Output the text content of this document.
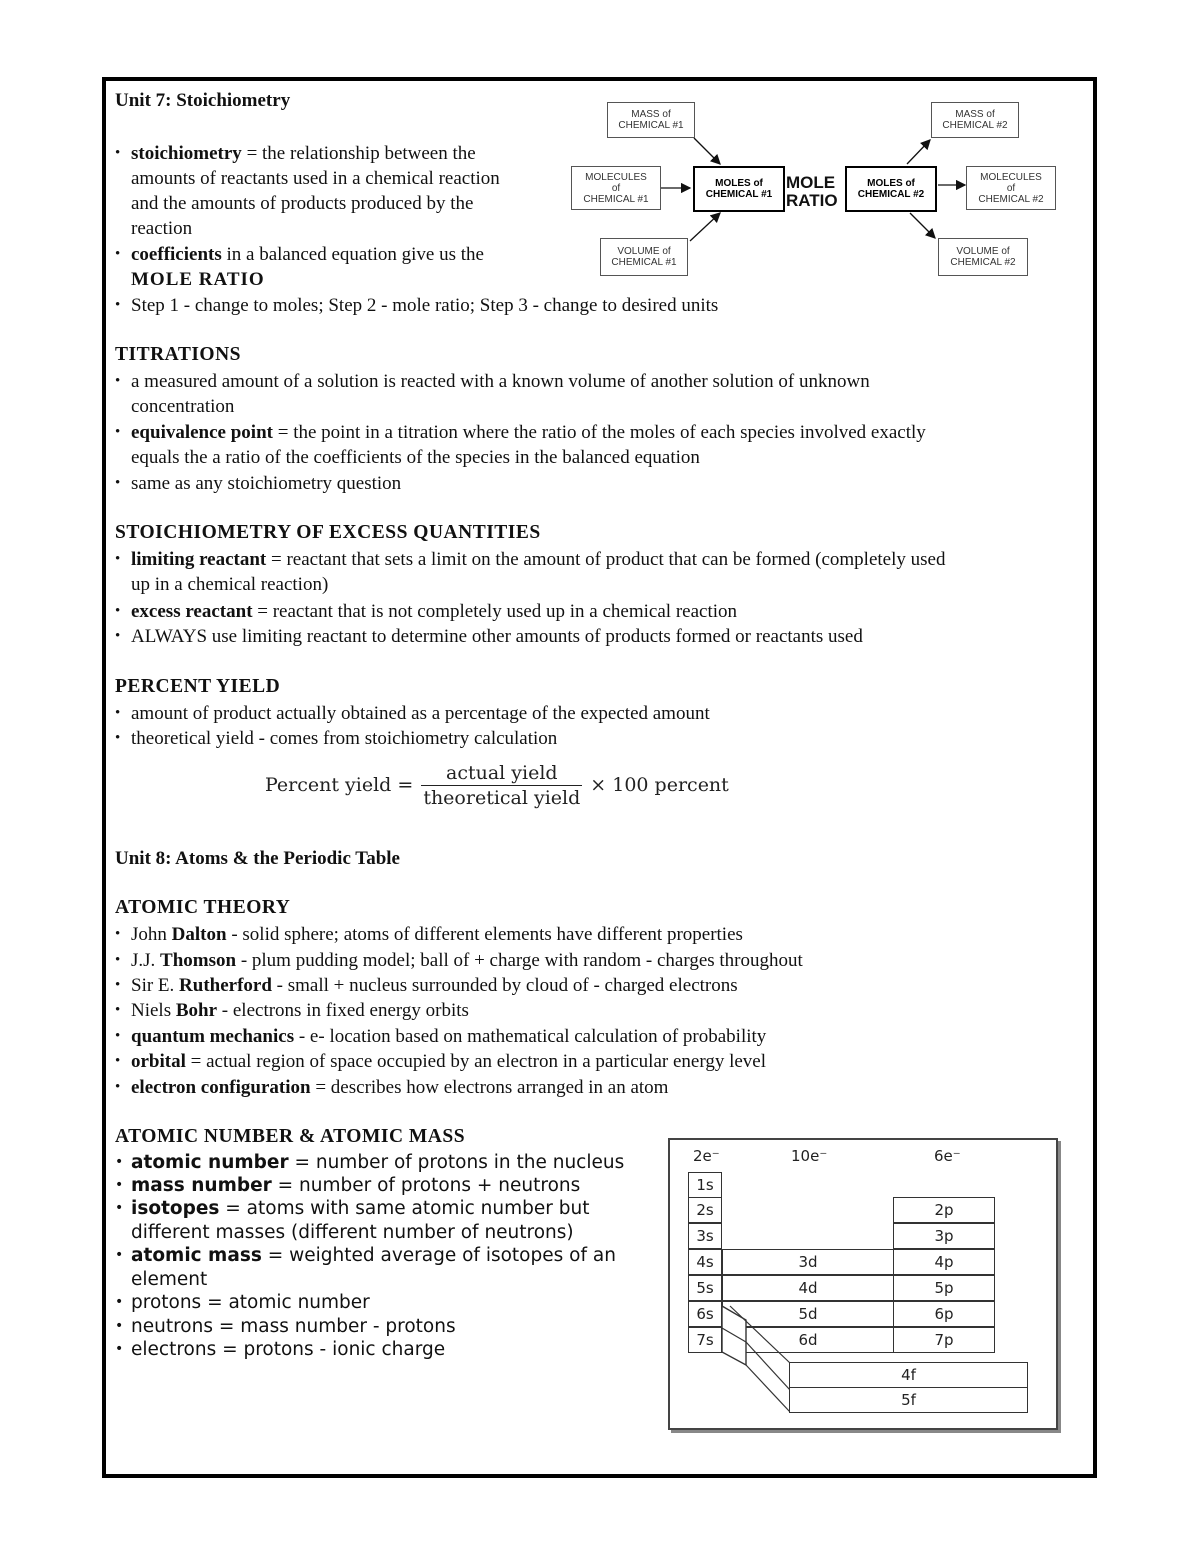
Unit 7: Stoichiometry
• stoichiometry = the relationship between the
amounts of reactants used in a chemical reaction
and the amounts of products produced by the
reaction
• coefficients in a balanced equation give us the
MOLE RATIO
• Step 1 - change to moles; Step 2 - mole ratio; Step 3 - change to desired units
MASS of
CHEMICAL #1
MOLECULES
of
CHEMICAL #1
VOLUME of
CHEMICAL #1
MOLES of
CHEMICAL #1
MOLE
RATIO
MOLES of
CHEMICAL #2
MASS of
CHEMICAL #2
MOLECULES
of
CHEMICAL #2
VOLUME of
CHEMICAL #2
TITRATIONS
• a measured amount of a solution is reacted with a known volume of another solution of unknown
concentration
• equivalence point = the point in a titration where the ratio of the moles of each species involved exactly
equals the a ratio of the coefficients of the species in the balanced equation
• same as any stoichiometry question
STOICHIOMETRY OF EXCESS QUANTITIES
• limiting reactant = reactant that sets a limit on the amount of product that can be formed (completely used
up in a chemical reaction)
• excess reactant = reactant that is not completely used up in a chemical reaction
• ALWAYS use limiting reactant to determine other amounts of products formed or reactants used
PERCENT YIELD
• amount of product actually obtained as a percentage of the expected amount
• theoretical yield - comes from stoichiometry calculation
Percent yield =
actual yield
theoretical yield
× 100 percent
Unit 8: Atoms & the Periodic Table
ATOMIC THEORY
• John Dalton - solid sphere; atoms of different elements have different properties
• J.J. Thomson - plum pudding model; ball of + charge with random - charges throughout
• Sir E. Rutherford - small + nucleus surrounded by cloud of - charged electrons
• Niels Bohr - electrons in fixed energy orbits
• quantum mechanics - e- location based on mathematical calculation of probability
• orbital = actual region of space occupied by an electron in a particular energy level
• electron configuration = describes how electrons arranged in an atom
ATOMIC NUMBER & ATOMIC MASS
• atomic number = number of protons in the nucleus
• mass number = number of protons + neutrons
• isotopes = atoms with same atomic number but
different masses (different number of neutrons)
• atomic mass = weighted average of isotopes of an
element
• protons = atomic number
• neutrons = mass number - protons
• electrons = protons - ionic charge
2e⁻	10e⁻	6e⁻
1s
2s
3s
4s
5s
6s
7s
3d
4d
5d
6d
2p
3p
4p
5p
6p
7p
4f
5f
